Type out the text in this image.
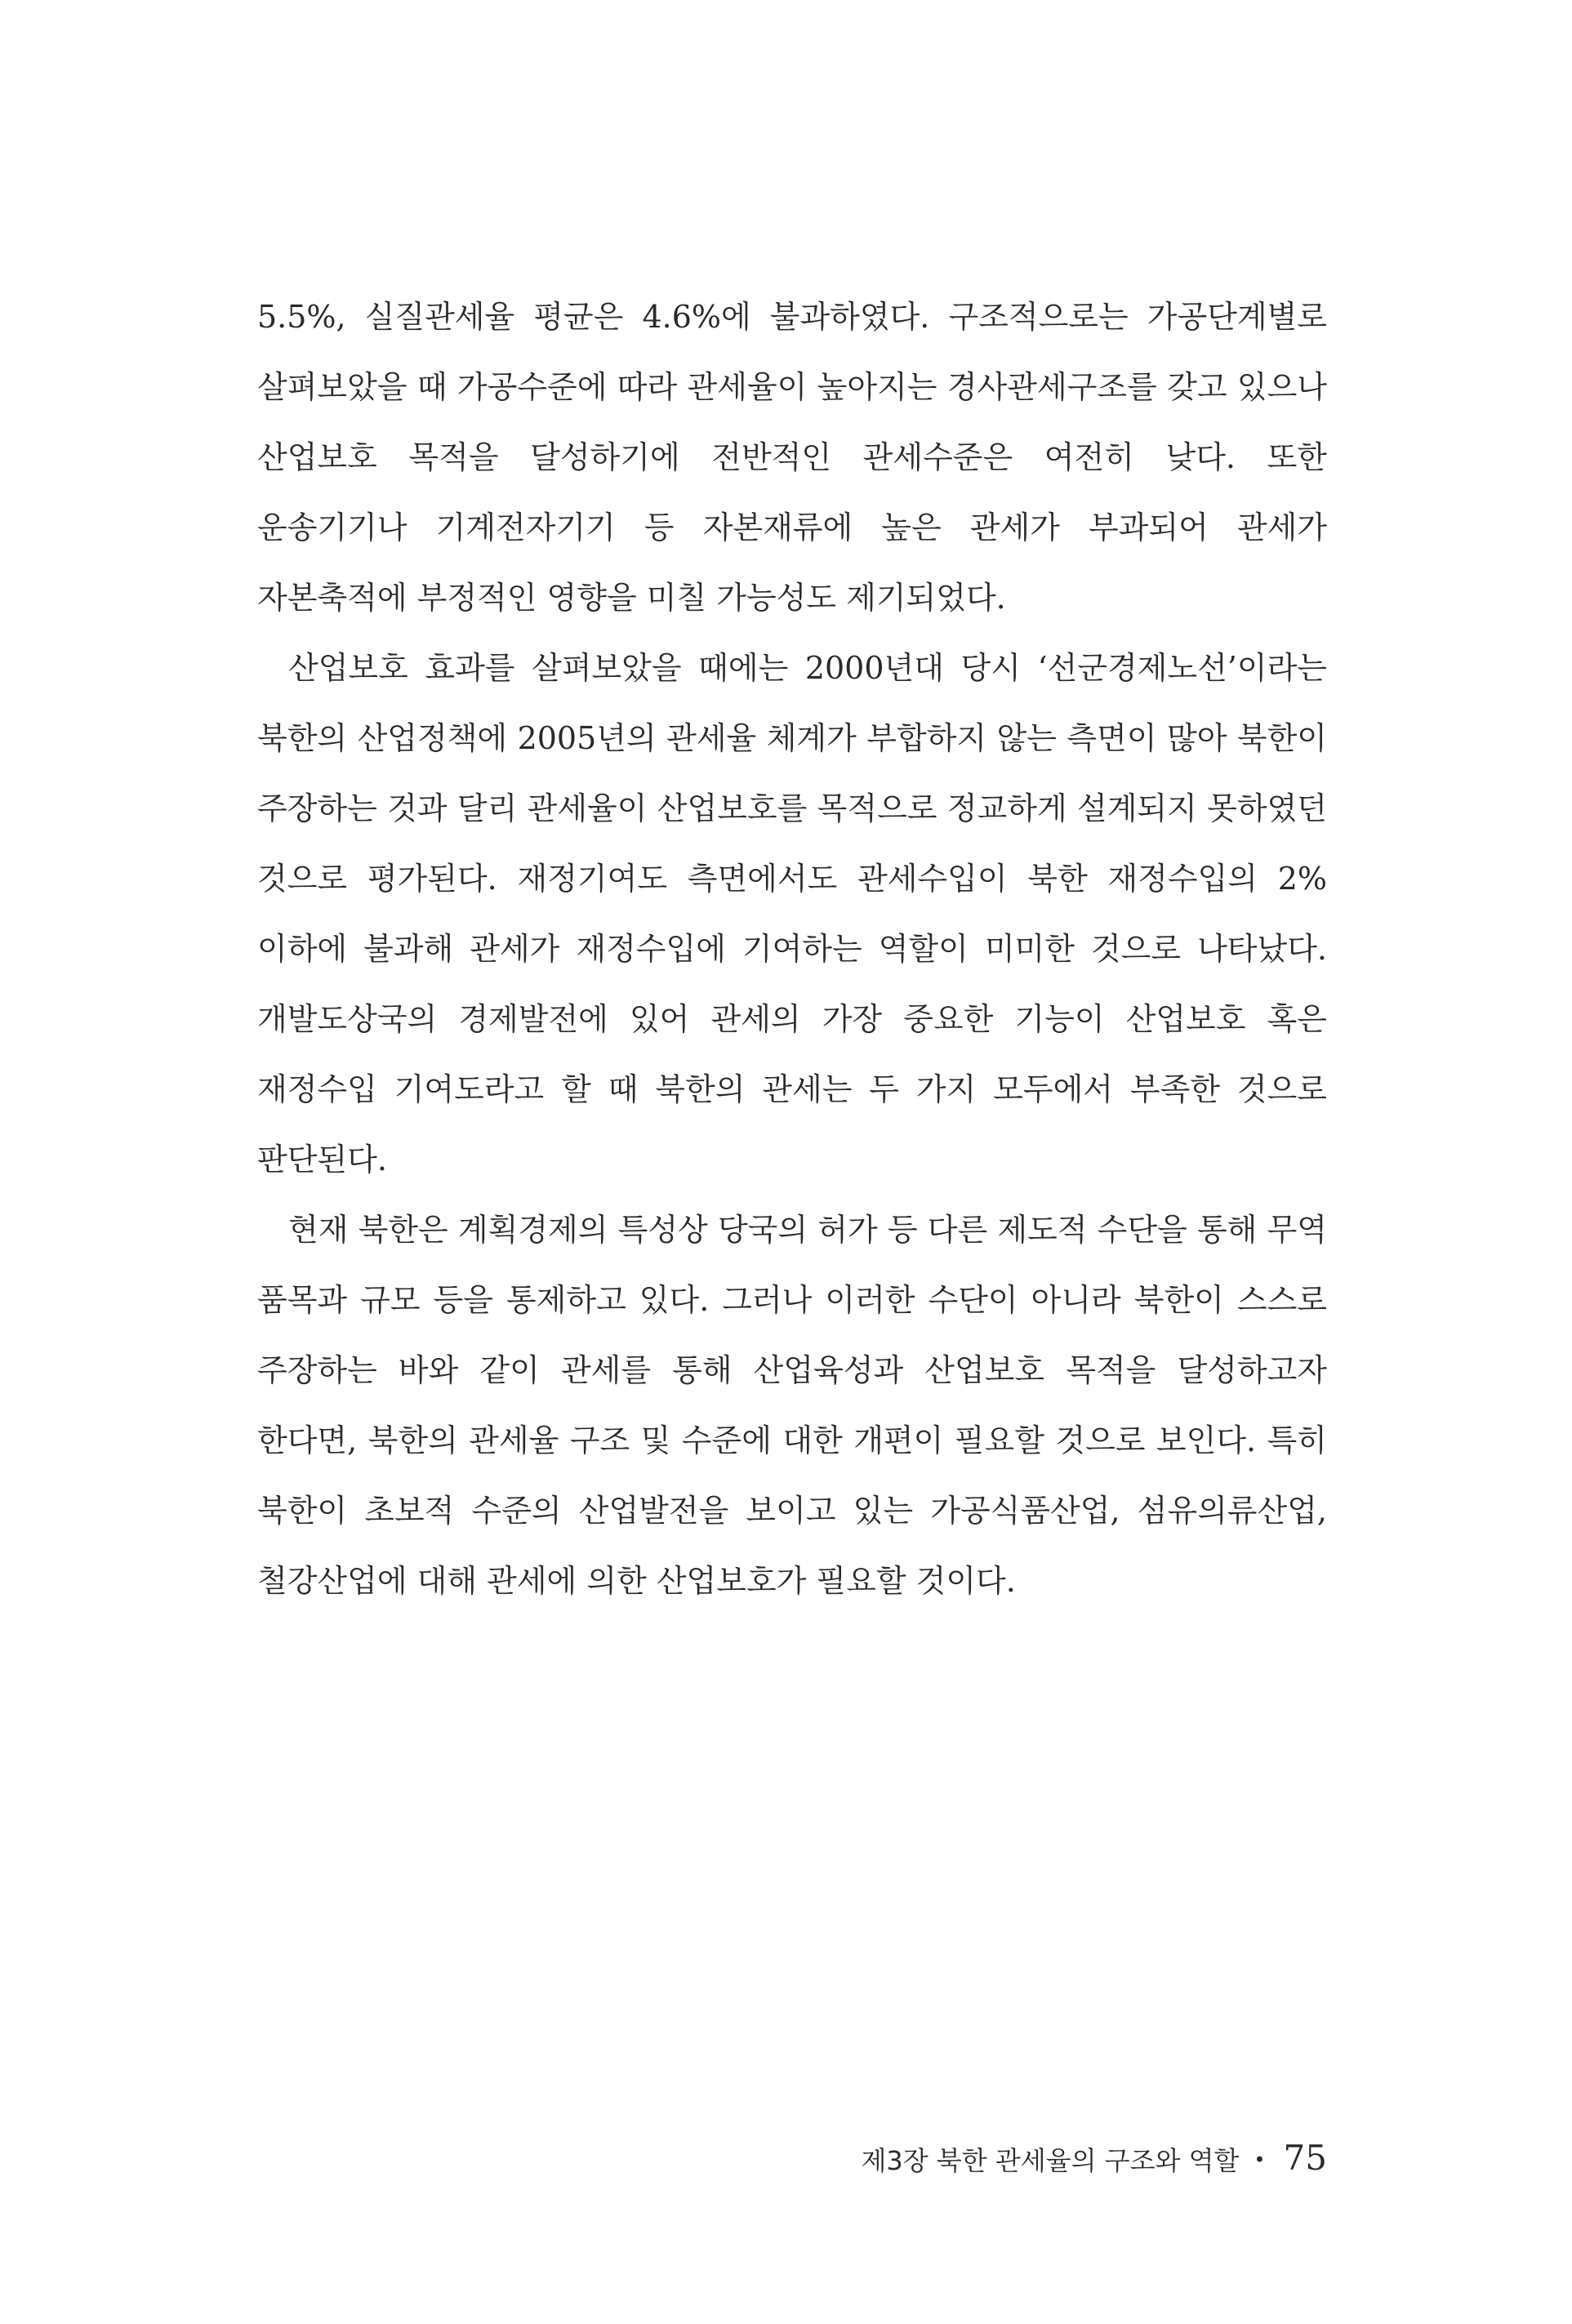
5.5%, 실질관세율 평균은 4.6%에 불과하였다. 구조적으로는 가공단계별로 살펴보았을 때 가공수준에 따라 관세율이 높아지는 경사관세구조를 갖고 있으나 산업보호 목적을 달성하기에 전반적인 관세수준은 여전히 낮다. 또한 운송기기나 기계전자기기 등 자본재류에 높은 관세가 부과되어 관세가 자본축적에 부정적인 영향을 미칠 가능성도 제기되었다.

산업보호 효과를 살펴보았을 때에는 2000년대 당시 ‘선군경제노선’이라는 북한의 산업정책에 2005년의 관세율 체계가 부합하지 않는 측면이 많아 북한이 주장하는 것과 달리 관세율이 산업보호를 목적으로 정교하게 설계되지 못하였던 것으로 평가된다. 재정기여도 측면에서도 관세수입이 북한 재정수입의 2% 이하에 불과해 관세가 재정수입에 기여하는 역할이 미미한 것으로 나타났다. 개발도상국의 경제발전에 있어 관세의 가장 중요한 기능이 산업보호 혹은 재정수입 기여도라고 할 때 북한의 관세는 두 가지 모두에서 부족한 것으로 판단된다.

현재 북한은 계획경제의 특성상 당국의 허가 등 다른 제도적 수단을 통해 무역 품목과 규모 등을 통제하고 있다. 그러나 이러한 수단이 아니라 북한이 스스로 주장하는 바와 같이 관세를 통해 산업육성과 산업보호 목적을 달성하고자 한다면, 북한의 관세율 구조 및 수준에 대한 개편이 필요할 것으로 보인다. 특히 북한이 초보적 수준의 산업발전을 보이고 있는 가공식품산업, 섬유의류산업, 철강산업에 대해 관세에 의한 산업보호가 필요할 것이다.

제3장 북한 관세율의 구조와 역할 • 75
